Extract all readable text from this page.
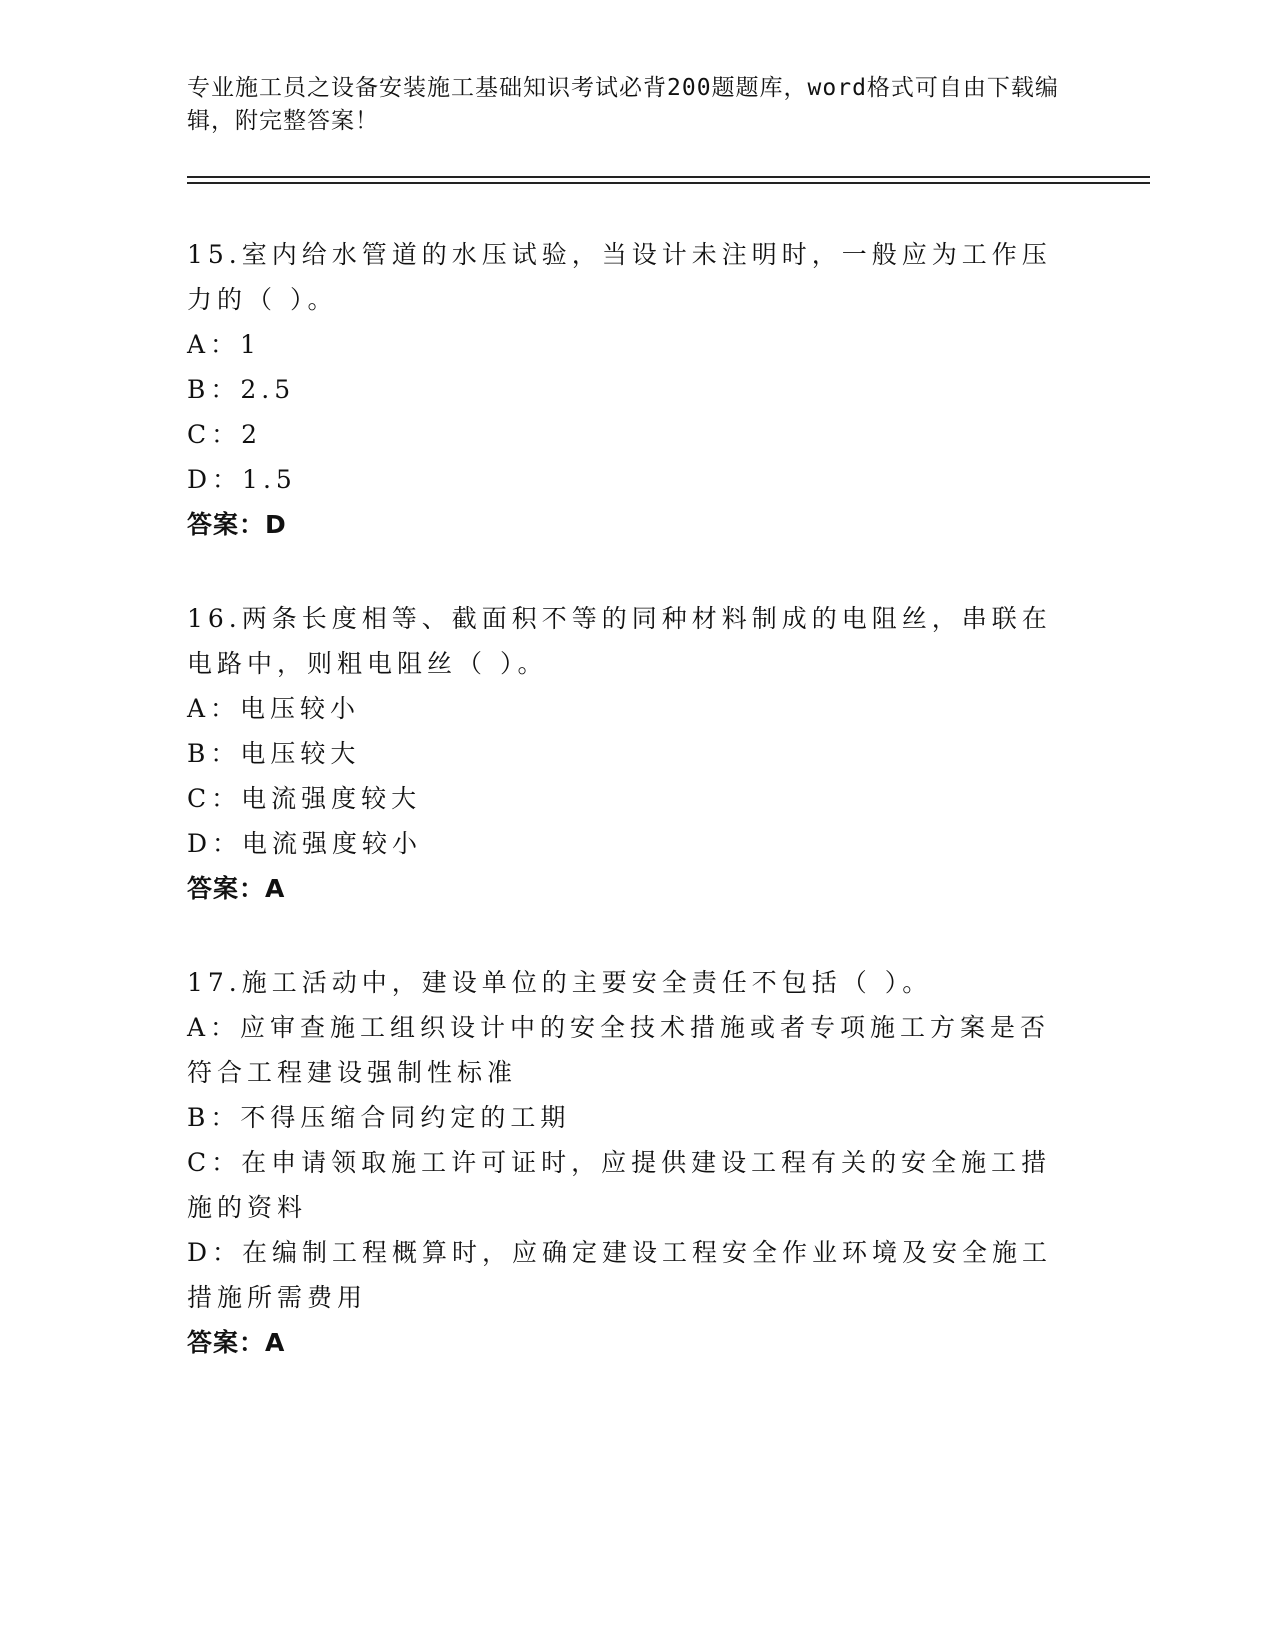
专业施工员之设备安装施工基础知识考试必背200题题库，word格式可自由下载编辑，附完整答案！

15.室内给水管道的水压试验，当设计未注明时，一般应为工作压力的（ ）。

A：1

B：2.5

C：2

D：1.5

答案：D

16.两条长度相等、截面积不等的同种材料制成的电阻丝，串联在电路中，则粗电阻丝（ ）。

A：电压较小

B：电压较大

C：电流强度较大

D：电流强度较小

答案：A

17.施工活动中，建设单位的主要安全责任不包括（ ）。

A：应审查施工组织设计中的安全技术措施或者专项施工方案是否符合工程建设强制性标准

B：不得压缩合同约定的工期

C：在申请领取施工许可证时，应提供建设工程有关的安全施工措施的资料

D：在编制工程概算时，应确定建设工程安全作业环境及安全施工措施所需费用

答案：A
